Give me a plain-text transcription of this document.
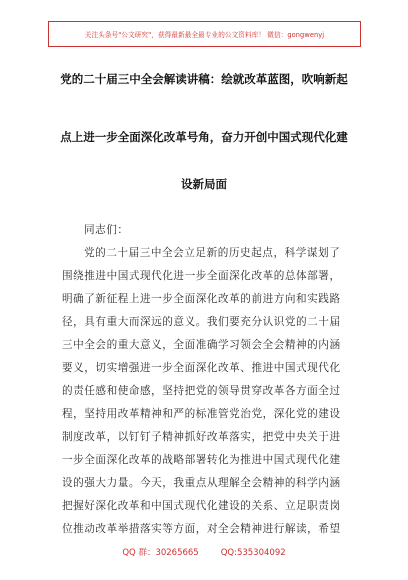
关注头条号"公文研究"，获得最新最全最专业的公文资料库！ 微信：gongwenyj
党的二十届三中全会解读讲稿：绘就改革蓝图，吹响新起
点上进一步全面深化改革号角，奋力开创中国式现代化建
设新局面
同志们：
党的二十届三中全会立足新的历史起点，科学谋划了
围绕推进中国式现代化进一步全面深化改革的总体部署，
明确了新征程上进一步全面深化改革的前进方向和实践路
径，具有重大而深远的意义。我们要充分认识党的二十届
三中全会的重大意义，全面准确学习领会全会精神的内涵
要义，切实增强进一步全面深化改革、推进中国式现代化
的责任感和使命感，坚持把党的领导贯穿改革各方面全过
程，坚持用改革精神和严的标准管党治党，深化党的建设
制度改革，以钉钉子精神抓好改革落实，把党中央关于进
一步全面深化改革的战略部署转化为推进中国式现代化建
设的强大力量。今天，我重点从理解全会精神的科学内涵
把握好深化改革和中国式现代化建设的关系、立足职责岗
位推动改革举措落实等方面，对全会精神进行解读，希望
QQ 群：30265665	QQ:535304092
